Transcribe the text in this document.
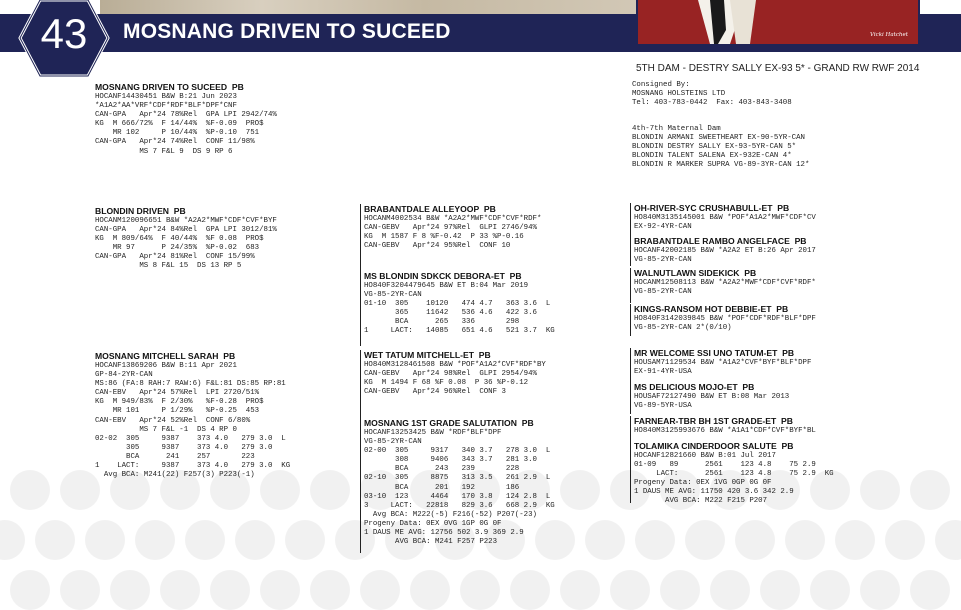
43	MOSNANG DRIVEN TO SUCEED	Vicki Hatchet
MOSNANG DRIVEN TO SUCEED  PB
HOCANF14430451 B&W B:21 Jun 2023
*A1A2*AA*VRF*CDF*RDF*BLF*DPF*CNF
CAN-GPA   Apr*24 78%Rel  GPA LPI 2942/74%
KG  M 666/72%  F 14/44%  %F-0.09  PRO$
MR 102     P 10/44%  %P-0.10  751
CAN-GPA   Apr*24 74%Rel  CONF 11/98%
MS 7 F&L 9  DS 9 RP 6
5TH DAM - DESTRY SALLY EX-93 5* - GRAND RW RWF 2014
Consigned By:
MOSNANG HOLSTEINS LTD
Tel: 403-783-0442  Fax: 403-843-3408
4th-7th Maternal Dam
BLONDIN ARMANI SWEETHEART EX-90-5YR-CAN
BLONDIN DESTRY SALLY EX-93-5YR-CAN 5*
BLONDIN TALENT SALENA EX-932E-CAN 4*
BLONDIN R MARKER SUPRA VG-89-3YR-CAN 12*
BLONDIN DRIVEN  PB
HOCANM120096651 B&W *A2A2*MWF*CDF*CVF*BYF
CAN-GPA   Apr*24 84%Rel  GPA LPI 3012/81%
KG  M 809/64%  F 40/44%  %F 0.08  PRO$
MR 97      P 24/35%  %P-0.02  683
CAN-GPA   Apr*24 81%Rel  CONF 15/99%
MS 8 F&L 15  DS 13 RP 5
MOSNANG MITCHELL SARAH  PB
HOCANF13869206 B&W B:11 Apr 2021
GP-84-2YR-CAN
MS:86 (FA:8 RAH:7 RAW:6) F&L:81 DS:85 RP:81
CAN-EBV   Apr*24 57%Rel  LPI 2720/51%
KG  M 949/83%  F 2/30%   %F-0.28  PRO$
MR 101     P 1/29%   %P-0.25  453
CAN-EBV   Apr*24 52%Rel  CONF 6/80%
MS 7 F&L -1  DS 4 RP 0
02-02  305     9387    373 4.0   279 3.0  L
305     9387    373 4.0   279 3.0
BCA      241    257       223
1    LACT:     9387    373 4.0   279 3.0  KG
Avg BCA: M241(22) F257(3) P223(-1)
BRABANTDALE ALLEYOOP  PB
HOCANM4002534 B&W *A2A2*MWF*CDF*CVF*RDF*
CAN-GEBV   Apr*24 97%Rel  GLPI 2746/94%
KG  M 1587 F 8 %F-0.42  P 33 %P-0.16
CAN-GEBV   Apr*24 95%Rel  CONF 10
MS BLONDIN SDKCK DEBORA-ET  PB
HO840F3204479645 B&W ET B:04 Mar 2019
VG-85-2YR-CAN
01-10  305    10120   474 4.7   363 3.6  L
365    11642   536 4.6   422 3.6
BCA      265   336       298
1     LACT:   14085   651 4.6   521 3.7  KG
WET TATUM MITCHELL-ET  PB
HO840M3128461508 B&W *POF*A1A2*CVF*RDF*BY
CAN-GEBV   Apr*24 98%Rel  GLPI 2954/94%
KG  M 1494 F 68 %F 0.08  P 36 %P-0.12
CAN-GEBV   Apr*24 96%Rel  CONF 3
MOSNANG 1ST GRADE SALUTATION  PB
HOCANF13253425 B&W *RDF*BLF*DPF
VG-85-2YR-CAN
02-00  305     9317   340 3.7   278 3.0  L
308     9406   343 3.7   281 3.0
BCA      243   239       228
02-10  305     8875   313 3.5   261 2.9  L
BCA      201   192       186
03-10  123     4464   170 3.8   124 2.8  L
3     LACT:   22818   829 3.6   668 2.9  KG
Avg BCA: M222(-5) F216(-52) P207(-23)
Progeny Data: 0EX 0VG 1GP 0G 0F
1 DAUS ME AVG: 12756 502 3.9 369 2.9
AVG BCA: M241 F257 P223
OH-RIVER-SYC CRUSHABULL-ET  PB
HO840M3135145001 B&W *POF*A1A2*MWF*CDF*CV
EX-92-4YR-CAN
BRABANTDALE RAMBO ANGELFACE  PB
HOCANF42002185 B&W *A2A2 ET B:26 Apr 2017
VG-85-2YR-CAN
WALNUTLAWN SIDEKICK  PB
HOCANM12508113 B&W *A2A2*MWF*CDF*CVF*RDF*
VG-85-2YR-CAN
KINGS-RANSOM HOT DEBBIE-ET  PB
HO840F3142039845 B&W *POF*CDF*RDF*BLF*DPF
VG-85-2YR-CAN 2*(0/10)
MR WELCOME SSI UNO TATUM-ET  PB
HOUSAM71129534 B&W *A1A2*CVF*BYF*BLF*DPF
EX-91-4YR-USA
MS DELICIOUS MOJO-ET  PB
HOUSAF72127490 B&W ET B:08 Mar 2013
VG-89-5YR-USA
FARNEAR-TBR BH 1ST GRADE-ET  PB
HO840M3125993676 B&W *A1A1*CDF*CVF*BYF*BL
TOLAMIKA CINDERDOOR SALUTE  PB
HOCANF12821660 B&W B:01 Jul 2017
01-09   89      2561    123 4.8    75 2.9
LACT:      2561    123 4.8    75 2.9  KG
Progeny Data: 0EX 1VG 0GP 0G 0F
1 DAUS ME AVG: 11750 420 3.6 342 2.9
AVG BCA: M222 F215 P207
